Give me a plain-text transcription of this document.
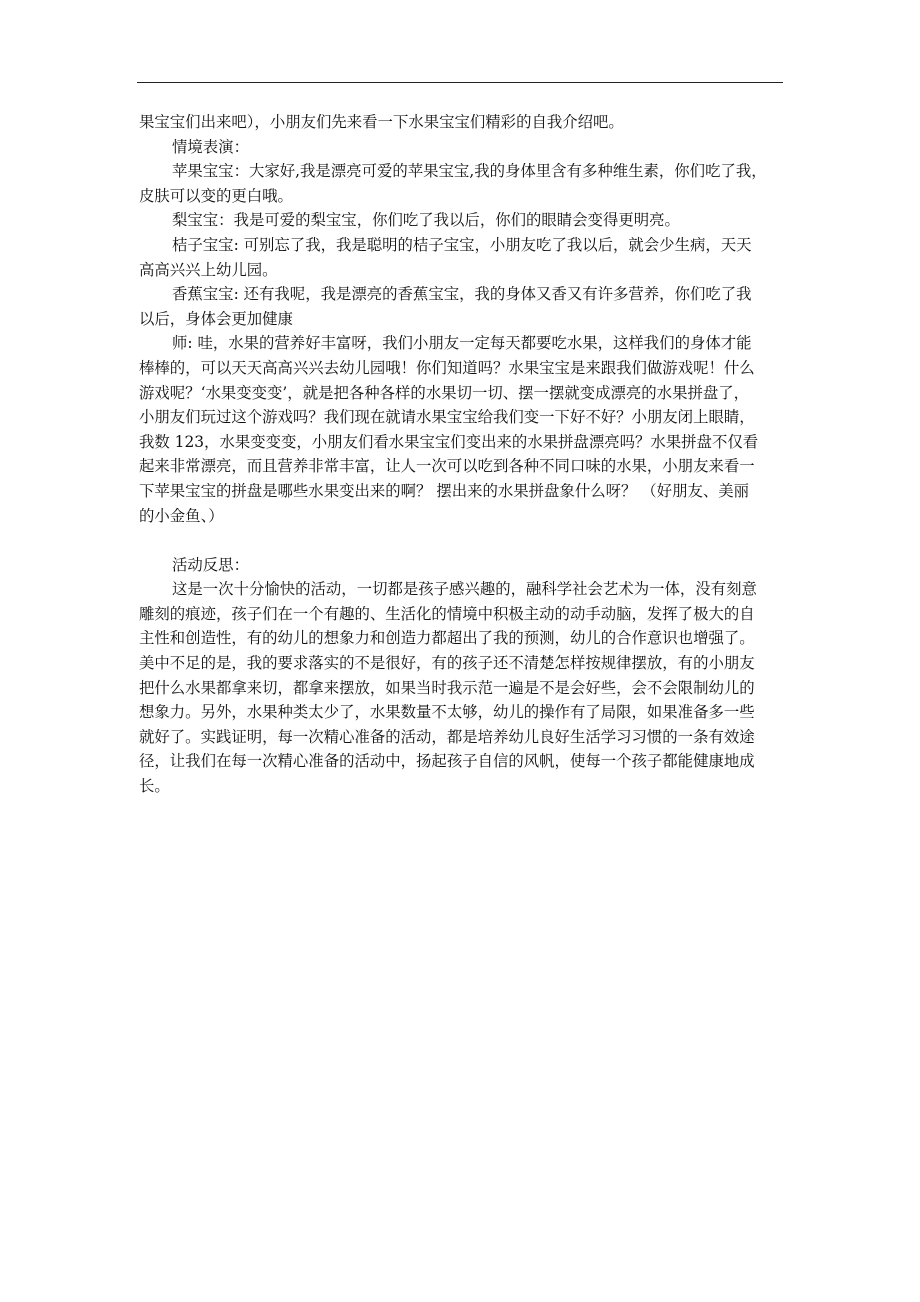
果宝宝们出来吧），小朋友们先来看一下水果宝宝们精彩的自我介绍吧。
情境表演：
苹果宝宝：大家好,我是漂亮可爱的苹果宝宝,我的身体里含有多种维生素，你们吃了我，
皮肤可以变的更白哦。
梨宝宝：我是可爱的梨宝宝，你们吃了我以后，你们的眼睛会变得更明亮。
桔子宝宝: 可别忘了我，我是聪明的桔子宝宝，小朋友吃了我以后，就会少生病，天天
高高兴兴上幼儿园。
香蕉宝宝: 还有我呢，我是漂亮的香蕉宝宝，我的身体又香又有许多营养，你们吃了我
以后，身体会更加健康
师: 哇，水果的营养好丰富呀，我们小朋友一定每天都要吃水果，这样我们的身体才能
棒棒的，可以天天高高兴兴去幼儿园哦！你们知道吗？水果宝宝是来跟我们做游戏呢！什么
游戏呢？‘水果变变变’，就是把各种各样的水果切一切、摆一摆就变成漂亮的水果拼盘了，
小朋友们玩过这个游戏吗？我们现在就请水果宝宝给我们变一下好不好？小朋友闭上眼睛，
我数 123，水果变变变，小朋友们看水果宝宝们变出来的水果拼盘漂亮吗？水果拼盘不仅看
起来非常漂亮，而且营养非常丰富，让人一次可以吃到各种不同口味的水果，小朋友来看一
下苹果宝宝的拼盘是哪些水果变出来的啊？ 摆出来的水果拼盘象什么呀？ （好朋友、美丽
的小金鱼、）
活动反思：
这是一次十分愉快的活动，一切都是孩子感兴趣的，融科学社会艺术为一体，没有刻意
雕刻的痕迹，孩子们在一个有趣的、生活化的情境中积极主动的动手动脑，发挥了极大的自
主性和创造性，有的幼儿的想象力和创造力都超出了我的预测，幼儿的合作意识也增强了。
美中不足的是，我的要求落实的不是很好，有的孩子还不清楚怎样按规律摆放，有的小朋友
把什么水果都拿来切，都拿来摆放，如果当时我示范一遍是不是会好些，会不会限制幼儿的
想象力。另外，水果种类太少了，水果数量不太够，幼儿的操作有了局限，如果准备多一些
就好了。实践证明，每一次精心准备的活动，都是培养幼儿良好生活学习习惯的一条有效途
径，让我们在每一次精心准备的活动中，扬起孩子自信的风帆，使每一个孩子都能健康地成
长。
